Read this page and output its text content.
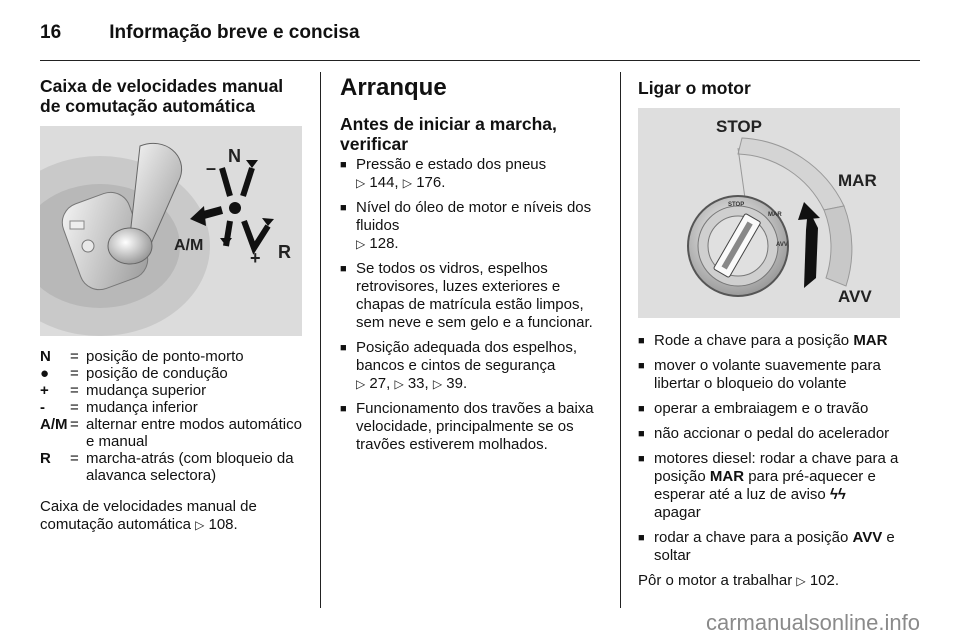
16	Informação breve e concisa
Caixa de velocidades manual de comutação automática
N
–
+
A/M	R
N	=	posição de ponto-morto
●	=	posição de condução
+	=	mudança superior
-	=	mudança inferior
A/M	=	alternar entre modos automático e manual
R	=	marcha-atrás (com bloqueio da alavanca selectora)

Caixa de velocidades manual de comutação automática ▷ 108.

Arranque
Antes de iniciar a marcha, verificar
■ Pressão e estado dos pneus
▷ 144, ▷ 176.
■ Nível do óleo de motor e níveis dos fluidos
▷ 128.
■ Se todos os vidros, espelhos retrovisores, luzes exteriores e chapas de matrícula estão limpos, sem neve e sem gelo e a funcionar.
■ Posição adequada dos espelhos, bancos e cintos de segurança
▷ 27, ▷ 33, ▷ 39.
■ Funcionamento dos travões a baixa velocidade, principalmente se os travões estiverem molhados.
Ligar o motor
STOP
MAR
AVV
STOP
MAR
AVV
■ Rode a chave para a posição MAR
■ mover o volante suavemente para libertar o bloqueio do volante
■ operar a embraiagem e o travão
■ não accionar o pedal do acelerador
■ motores diesel: rodar a chave para a posição MAR para pré-aquecer e esperar até a luz de aviso ϟϟ
apagar
■ rodar a chave para a posição AVV e soltar

Pôr o motor a trabalhar ▷ 102.

carmanualsonline.info
